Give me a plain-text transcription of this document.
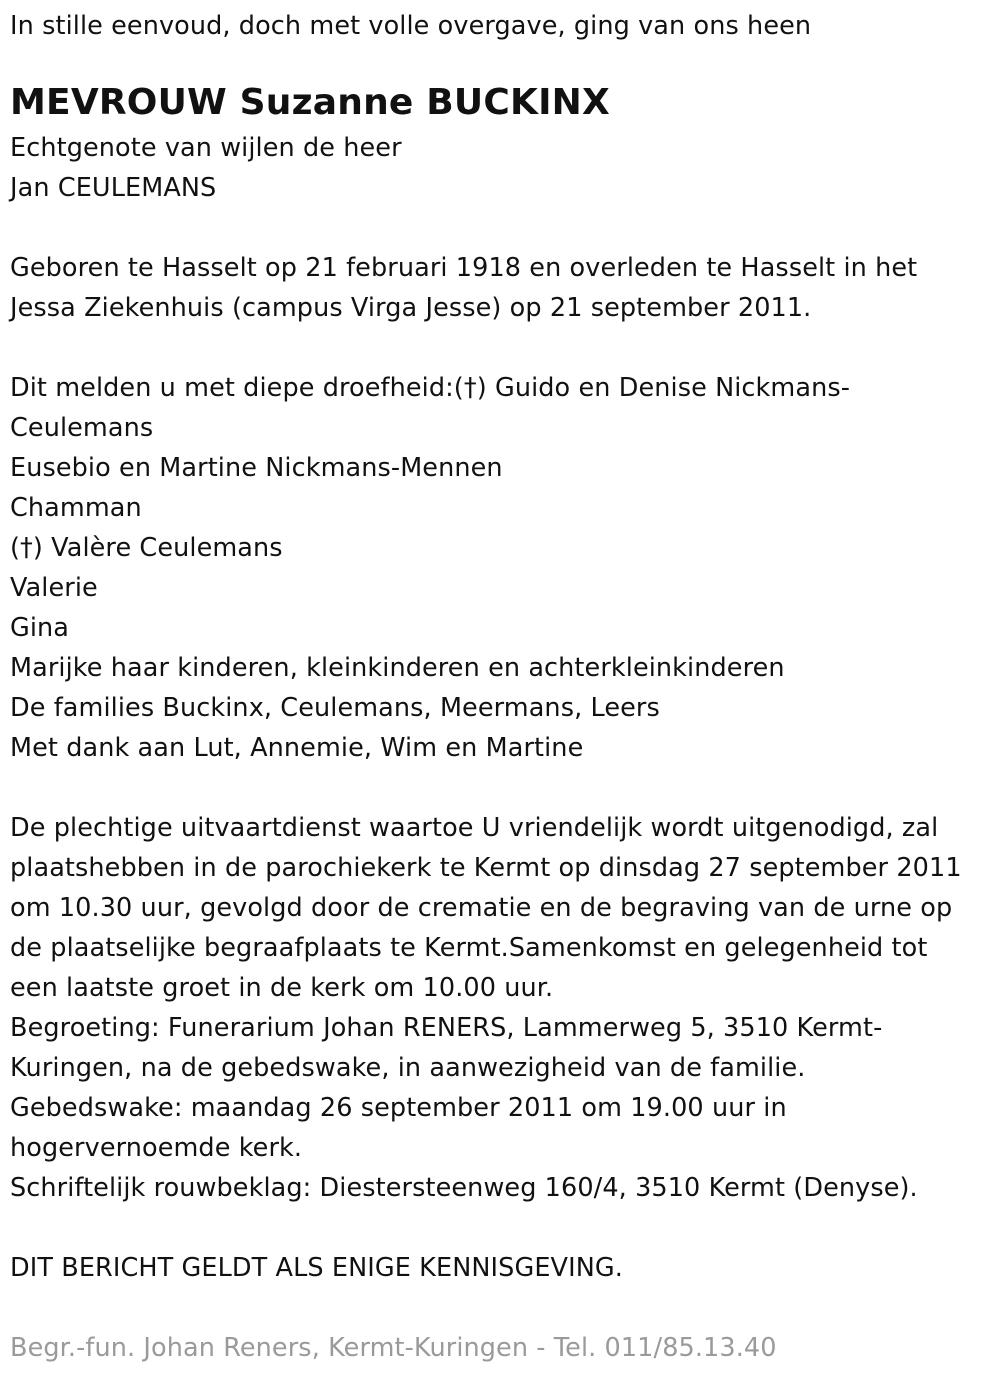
In stille eenvoud, doch met volle overgave, ging van ons heen
MEVROUW Suzanne BUCKINX
Echtgenote van wijlen de heer
Jan CEULEMANS
Geboren te Hasselt op 21 februari 1918 en overleden te Hasselt in het
Jessa Ziekenhuis (campus Virga Jesse) op 21 september 2011.
Dit melden u met diepe droefheid:(†) Guido en Denise Nickmans-
Ceulemans
Eusebio en Martine Nickmans-Mennen
Chamman
(†) Valère Ceulemans
Valerie
Gina
Marijke haar kinderen, kleinkinderen en achterkleinkinderen
De families Buckinx, Ceulemans, Meermans, Leers
Met dank aan Lut, Annemie, Wim en Martine
De plechtige uitvaartdienst waartoe U vriendelijk wordt uitgenodigd, zal
plaatshebben in de parochiekerk te Kermt op dinsdag 27 september 2011
om 10.30 uur, gevolgd door de crematie en de begraving van de urne op
de plaatselijke begraafplaats te Kermt.Samenkomst en gelegenheid tot
een laatste groet in de kerk om 10.00 uur.
Begroeting: Funerarium Johan RENERS, Lammerweg 5, 3510 Kermt-
Kuringen, na de gebedswake, in aanwezigheid van de familie.
Gebedswake: maandag 26 september 2011 om 19.00 uur in
hogervernoemde kerk.
Schriftelijk rouwbeklag: Diestersteenweg 160/4, 3510 Kermt (Denyse).
DIT BERICHT GELDT ALS ENIGE KENNISGEVING.
Begr.-fun. Johan Reners, Kermt-Kuringen - Tel. 011/85.13.40
